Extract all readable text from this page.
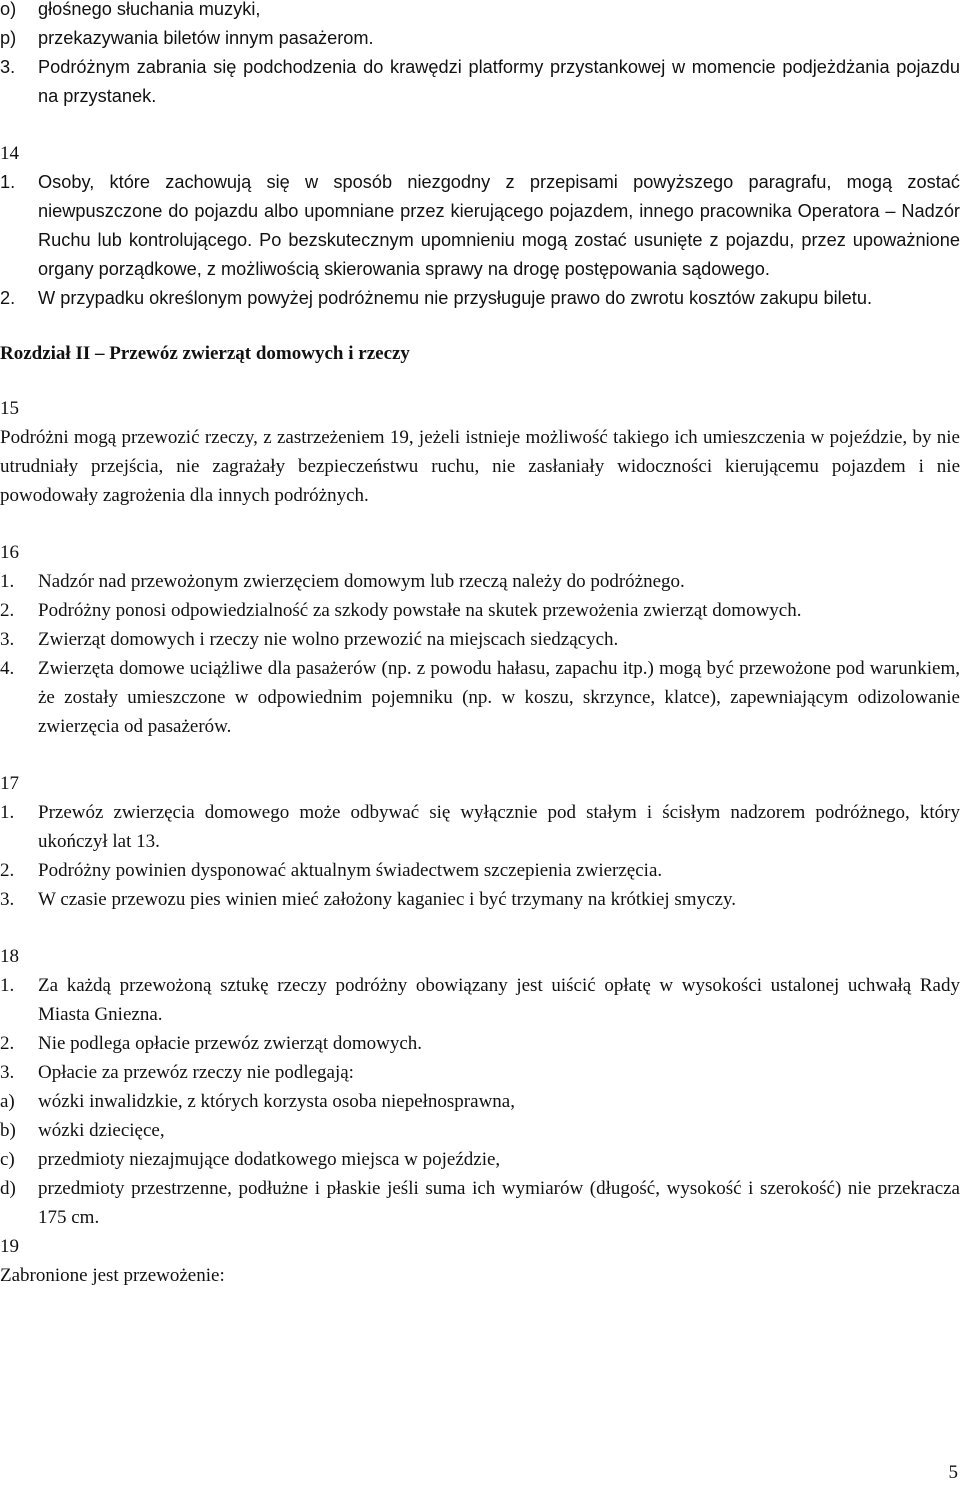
o) głośnego słuchania muzyki,
p) przekazywania biletów innym pasażerom.
3. Podróżnym zabrania się podchodzenia do krawędzi platformy przystankowej w momencie podjeżdżania pojazdu na przystanek.
14
1. Osoby, które zachowują się w sposób niezgodny z przepisami powyższego paragrafu, mogą zostać niewpuszczone do pojazdu albo upomniane przez kierującego pojazdem, innego pracownika Operatora – Nadzór Ruchu lub kontrolującego. Po bezskutecznym upomnieniu mogą zostać usunięte z pojazdu, przez upoważnione organy porządkowe, z możliwością skierowania sprawy na drogę postępowania sądowego.
2. W przypadku określonym powyżej podróżnemu nie przysługuje prawo do zwrotu kosztów zakupu biletu.
Rozdział II – Przewóz zwierząt domowych i rzeczy
15
Podróżni mogą przewozić rzeczy, z zastrzeżeniem 19, jeżeli istnieje możliwość takiego ich umieszczenia w pojeździe, by nie utrudniały przejścia, nie zagrażały bezpieczeństwu ruchu, nie zasłaniały widoczności kierującemu pojazdem i nie powodowały zagrożenia dla innych podróżnych.
16
1. Nadzór nad przewożonym zwierzęciem domowym lub rzeczą należy do podróżnego.
2. Podróżny ponosi odpowiedzialność za szkody powstałe na skutek przewożenia zwierząt domowych.
3. Zwierząt domowych i rzeczy nie wolno przewozić na miejscach siedzących.
4. Zwierzęta domowe uciążliwe dla pasażerów (np. z powodu hałasu, zapachu itp.) mogą być przewożone pod warunkiem, że zostały umieszczone w odpowiednim pojemniku (np. w koszu, skrzynce, klatce), zapewniającym odizolowanie zwierzęcia od pasażerów.
17
1. Przewóz zwierzęcia domowego może odbywać się wyłącznie pod stałym i ścisłym nadzorem podróżnego, który ukończył lat 13.
2. Podróżny powinien dysponować aktualnym świadectwem szczepienia zwierzęcia.
3. W czasie przewozu pies winien mieć założony kaganiec i być trzymany na krótkiej smyczy.
18
1. Za każdą przewożoną sztukę rzeczy podróżny obowiązany jest uiścić opłatę w wysokości ustalonej uchwałą Rady Miasta Gniezna.
2. Nie podlega opłacie przewóz zwierząt domowych.
3. Opłacie za przewóz rzeczy nie podlegają:
a) wózki inwalidzkie, z których korzysta osoba niepełnosprawna,
b) wózki dziecięce,
c) przedmioty niezajmujące dodatkowego miejsca w pojeździe,
d) przedmioty przestrzenne, podłużne i płaskie jeśli suma ich wymiarów (długość, wysokość i szerokość) nie przekracza 175 cm.
19
Zabronione jest przewożenie:
5
